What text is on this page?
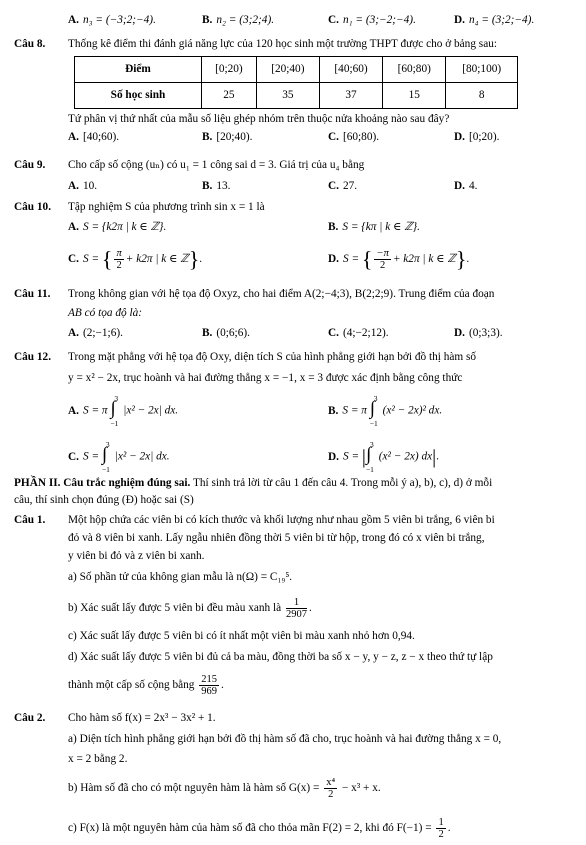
A. n₃ = (−3;2;−4).	B. n₂ = (3;2;4).	C. n₁ = (3;−2;−4).	D. n₄ = (3;2;−4).
Câu 8. Thống kê điểm thi đánh giá năng lực của 120 học sinh một trường THPT được cho ở bảng sau:
Điểm	[0;20)	[20;40)	[40;60)	[60;80)	[80;100)
Số học sinh	25	35	37	15	8
Tứ phân vị thứ nhất của mẫu số liệu ghép nhóm trên thuộc nửa khoảng nào sau đây?
A. [40;60).	B. [20;40).	C. [60;80).	D. [0;20).
Câu 9. Cho cấp số cộng (uₙ) có u₁ = 1 công sai d = 3. Giá trị của u₄ bằng
A. 10.	B. 13.	C. 27.	D. 4.
Câu 10. Tập nghiệm S của phương trình sin x = 1 là
A. S = {k2π | k ∈ ℤ}.	B. S = {kπ | k ∈ ℤ}.
C. S = { $\frac{\pi}{2} + k2\pi$ | k ∈ ℤ}.	D. S = { $\frac{-\pi}{2} + k2\pi$ | k ∈ ℤ}.
Câu 11. Trong không gian với hệ tọa độ Oxyz, cho hai điểm A(2;−4;3), B(2;2;9). Trung điểm của đoạn
AB có tọa độ là:
A. (2;−1;6).	B. (0;6;6).	C. (4;−2;12).	D. (0;3;3).
Câu 12. Trong mặt phẳng với hệ tọa độ Oxy, diện tích S của hình phẳng giới hạn bởi đồ thị hàm số
y = x² − 2x, trục hoành và hai đường thẳng x = −1, x = 3 được xác định bằng công thức
A. S = π
3
∫
−1
|x² − 2x| dx.	B. S = π
3
∫
−1
(x² − 2x)² dx.
C. S =
3
∫
−1
|x² − 2x| dx.	D. S = |
3
∫
−1
(x² − 2x) dx|.
PHẦN II. Câu trắc nghiệm đúng sai. Thí sinh trả lời từ câu 1 đến câu 4. Trong mỗi ý a), b), c), d) ở mỗi
câu, thí sinh chọn đúng (Đ) hoặc sai (S)
Câu 1. Một hộp chứa các viên bi có kích thước và khối lượng như nhau gồm 5 viên bi trắng, 6 viên bi
đỏ và 8 viên bi xanh. Lấy ngẫu nhiên đồng thời 5 viên bi từ hộp, trong đó có x viên bi trắng,
y viên bi đỏ và z viên bi xanh.
a) Số phần tử của không gian mẫu là n(Ω) = C₁₉⁵.
b) Xác suất lấy được 5 viên bi đều màu xanh là $\frac{1}{2907}$ .
c) Xác suất lấy được 5 viên bi có ít nhất một viên bi màu xanh nhỏ hơn 0,94.
d) Xác suất lấy được 5 viên bi đủ cả ba màu, đồng thời ba số x − y, y − z, z − x theo thứ tự lập
thành một cấp số cộng bằng $\frac{215}{969}$ .
Câu 2. Cho hàm số f(x) = 2x³ − 3x² + 1.
a) Diện tích hình phẳng giới hạn bởi đồ thị hàm số đã cho, trục hoành và hai đường thẳng x = 0,
x = 2 bằng 2.
b) Hàm số đã cho có một nguyên hàm là hàm số $G(x) = \frac{\text{x⁴}}{2} - x^3 + x$.
c) F(x) là một nguyên hàm của hàm số đã cho thỏa mãn F(2) = 2, khi đó $F(-1) = \frac{1}{2}$ .
